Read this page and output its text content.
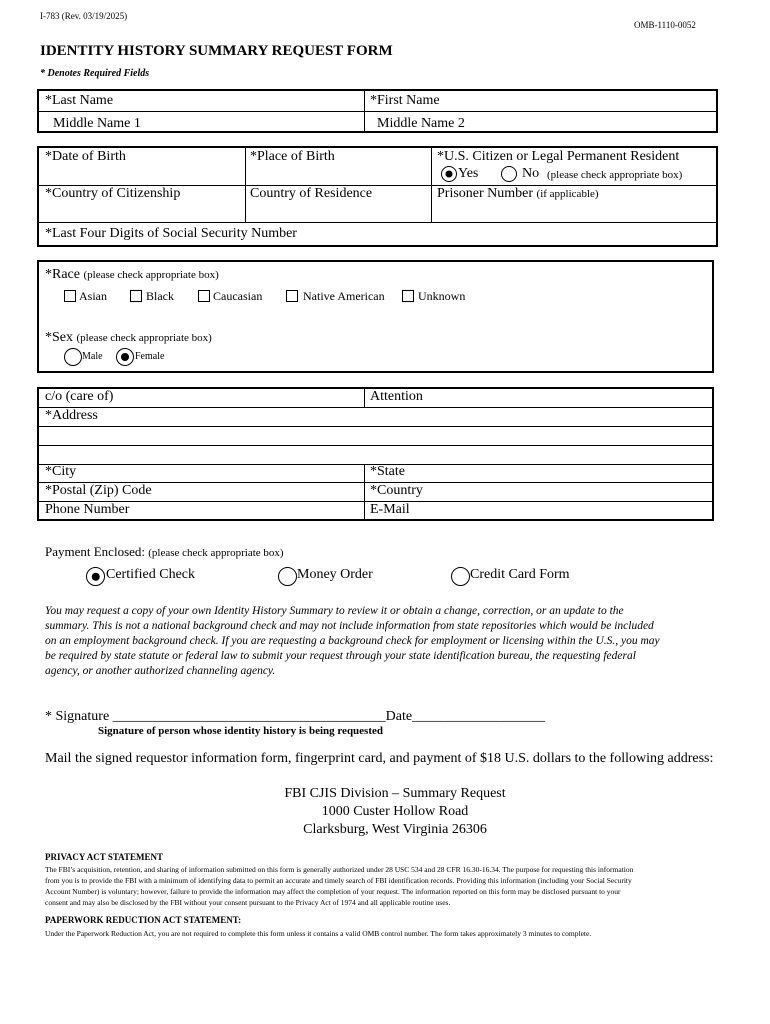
I-783 (Rev. 03/19/2025)
OMB-1110-0052
IDENTITY HISTORY SUMMARY REQUEST FORM
* Denotes Required Fields
*Last Name	*First Name
Middle Name 1	Middle Name 2
*Date of Birth	*Place of Birth	*U.S. Citizen or Legal Permanent Resident
Yes	No (please check appropriate box)
*Country of Citizenship	Country of Residence	Prisoner Number (if applicable)
*Last Four Digits of Social Security Number
*Race (please check appropriate box)
Asian	Black	Caucasian	Native American	Unknown
*Sex (please check appropriate box)
Male	Female
c/o (care of)	Attention
*Address
*City	*State
*Postal (Zip) Code	*Country
Phone Number	E-Mail
Payment Enclosed: (please check appropriate box)
Certified Check	Money Order	Credit Card Form
You may request a copy of your own Identity History Summary to review it or obtain a change, correction, or an update to the
summary. This is not a national background check and may not include information from state repositories which would be included
on an employment background check. If you are requesting a background check for employment or licensing within the U.S., you may
be required by state statute or federal law to submit your request through your state identification bureau, the requesting federal
agency, or another authorized channeling agency.
* Signature _______________________________________Date___________________
Signature of person whose identity history is being requested
Mail the signed requestor information form, fingerprint card, and payment of $18 U.S. dollars to the following address:
FBI CJIS Division – Summary Request
1000 Custer Hollow Road
Clarksburg, West Virginia 26306
PRIVACY ACT STATEMENT
The FBI’s acquisition, retention, and sharing of information submitted on this form is generally authorized under 28 USC 534 and 28 CFR 16.30-16.34. The purpose for requesting this information
from you is to provide the FBI with a minimum of identifying data to permit an accurate and timely search of FBI identification records. Providing this information (including your Social Security
Account Number) is voluntary; however, failure to provide the information may affect the completion of your request. The information reported on this form may be disclosed pursuant to your
consent and may also be disclosed by the FBI without your consent pursuant to the Privacy Act of 1974 and all applicable routine uses.
PAPERWORK REDUCTION ACT STATEMENT:
Under the Paperwork Reduction Act, you are not required to complete this form unless it contains a valid OMB control number. The form takes approximately 3 minutes to complete.
